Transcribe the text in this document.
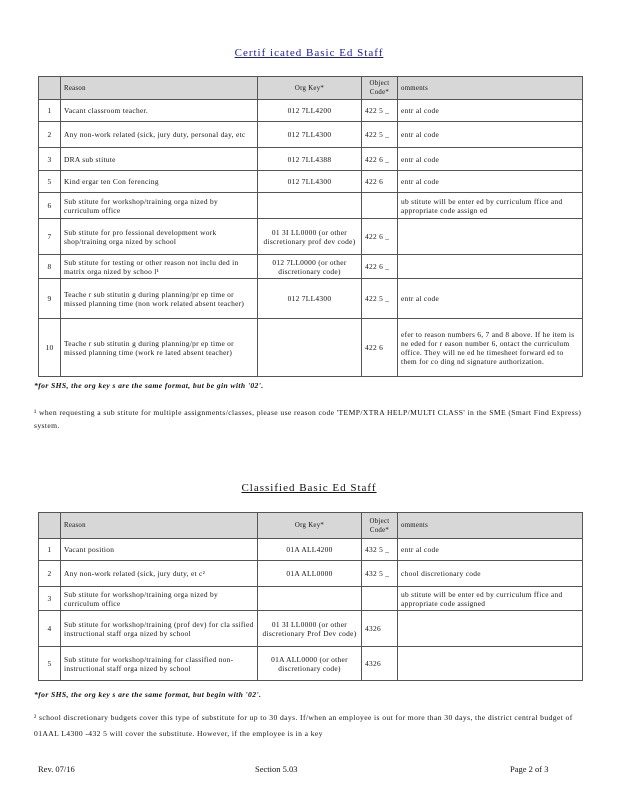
Certif icated Basic Ed Staff
	Reason	Org Key*	Object Code*	omments
1	Vacant classroom teacher.	012 7LL4200	422 5 _	entr al code
2	Any non-work related (sick, jury duty, personal day, etc	012 7LL4300	422 5 _	entr al code
3	DRA sub stitute	012 7LL4388	422 6 _	entr al code
5	Kind ergar ten Con ferencing	012 7LL4300	422 6	entr al code
6	Sub stitute for workshop/training orga nized by curriculum office			ub stitute will be enter ed by curriculum ffice and appropriate code assign ed
7	Sub stitute for pro fessional development work shop/training orga nized by school	01 3I LL0000 (or other discretionary prof dev code)	422 6 _	
8	Sub stitute for testing or other reason not inclu ded in matrix orga nized by schoo l¹	012 7LL0000 (or other discretionary code)	422 6 _	
9	Teache r sub stitutin g during planning/pr ep time or missed planning time (non work related absent teacher)	012 7LL4300	422 5 _	entr al code
10	Teache r sub stitutin g during planning/pr ep time or missed planning time (work re lated absent teacher)		422 6	efer to reason numbers 6, 7 and 8 above. If he item is ne eded for r eason number 6, ontact the curriculum office. They will ne ed he timesheet forward ed to them for co ding nd signature authorization.
*for SHS, the org key s are the same format, but be gin with '02'.
¹ when requesting a sub stitute for multiple assignments/classes, please use reason code 'TEMP/XTRA HELP/MULTI CLASS' in the SME (Smart Find Express) system.
Classified Basic Ed Staff
	Reason	Org Key*	Object Code*	omments
1	Vacant position	01A ALL4200	432 5 _	entr al code
2	Any non-work related (sick, jury duty, et c²	01A ALL0000	432 5 _	chool discretionary code
3	Sub stitute for workshop/training orga nized by curriculum office			ub stitute will be enter ed by curriculum ffice and appropriate code assigned
4	Sub stitute for workshop/training (prof dev) for cla ssified instructional staff orga nized by school	01 3I LL0000 (or other discretionary Prof Dev code)	4326	
5	Sub stitute for workshop/training for classified non-instructional staff orga nized by school	01A ALL0000 (or other discretionary code)	4326	
*for SHS, the org key s are the same format, but begin with '02'.
² school discretionary budgets cover this type of substitute for up to 30 days. If/when an employee is out for more than 30 days, the district central budget of 01AAL L4300 -432 5 will cover the substitute. However, if the employee is in a key
Rev. 07/16	Section 5.03	Page 2 of 3
